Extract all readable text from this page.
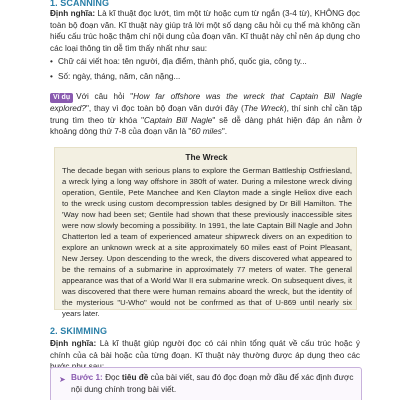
1. SCANNING
Định nghĩa: Là kĩ thuật đọc lướt, tìm một từ hoặc cụm từ ngắn (3-4 từ), KHÔNG đọc toàn bộ đoạn văn. Kĩ thuật này giúp trả lời một số dạng câu hỏi cụ thể mà không cần hiểu cấu trúc hoặc thậm chí nội dung của đoạn văn. Kĩ thuật này chỉ nên áp dụng cho các loại thông tin dễ tìm thấy nhất như sau:
• Chữ cái viết hoa: tên người, địa điểm, thành phố, quốc gia, công ty...
• Số: ngày, tháng, năm, cân nặng...
Ví dụ Với câu hỏi "How far offshore was the wreck that Captain Bill Nagle explored?", thay vì đọc toàn bộ đoạn văn dưới đây (The Wreck), thí sinh chỉ cần tập trung tìm theo từ khóa "Captain Bill Nagle" sẽ dễ dàng phát hiện đáp án nằm ở khoảng dòng thứ 7-8 của đoạn văn là "60 miles".
The Wreck
The decade began with serious plans to explore the German Battleship Ostfriesland, a wreck lying a long way offshore in 380ft of water. During a milestone wreck diving operation, Gentile, Pete Manchee and Ken Clayton made a single Heliox dive each to the wreck using custom decompression tables designed by Dr Bill Hamilton. The 'Way now had been set; Gentile had shown that these previously inaccessible sites were now slowly becoming a possibility. In 1991, the late Captain Bill Nagle and John Chatterton led a team of experienced amateur shipwreck divers on an expedition to explore an unknown wreck at a site approximately 60 miles east of Point Pleasant, New Jersey. Upon descending to the wreck, the divers discovered what appeared to be the remains of a submarine in approximately 77 meters of water. The general appearance was that of a World War II era submarine wreck. On subsequent dives, it was discovered that there were human remains aboard the wreck, but the identity of the mysterious "U-Who" would not be confrmed as that of U-869 until nearly six years later.
2. SKIMMING
Định nghĩa: Là kĩ thuật giúp người đọc có cái nhìn tổng quát về cấu trúc hoặc ý chính của cả bài hoặc của từng đoạn. Kĩ thuật này thường được áp dụng theo các
➤ Bước 1: Đọc tiêu đề của bài viết, sau đó đọc đoạn mở đầu để xác định được nội dung chính trong bài viết.
